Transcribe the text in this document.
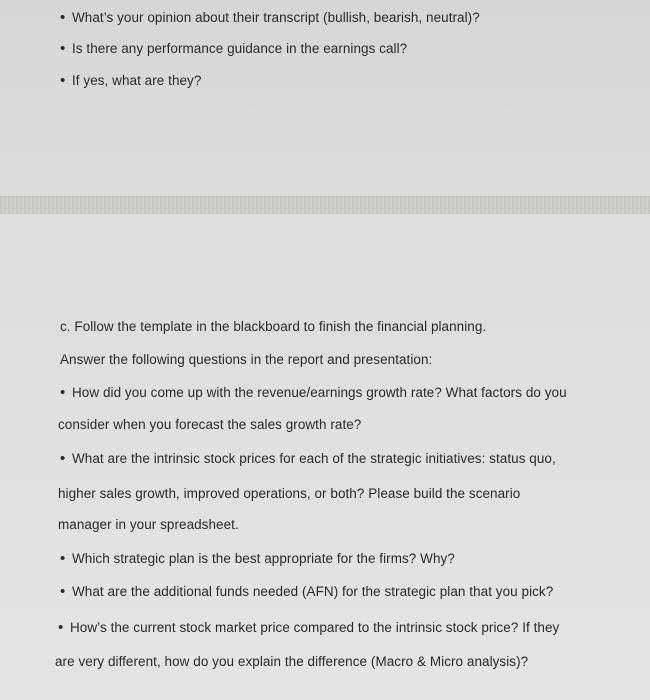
• What’s your opinion about their transcript (bullish, bearish, neutral)?
• Is there any performance guidance in the earnings call?
• If yes, what are they?
c. Follow the template in the blackboard to finish the financial planning.
Answer the following questions in the report and presentation:
• How did you come up with the revenue/earnings growth rate? What factors do you
consider when you forecast the sales growth rate?
• What are the intrinsic stock prices for each of the strategic initiatives: status quo,
higher sales growth, improved operations, or both? Please build the scenario
manager in your spreadsheet.
• Which strategic plan is the best appropriate for the firms? Why?
• What are the additional funds needed (AFN) for the strategic plan that you pick?
• How’s the current stock market price compared to the intrinsic stock price? If they
are very different, how do you explain the difference (Macro & Micro analysis)?
